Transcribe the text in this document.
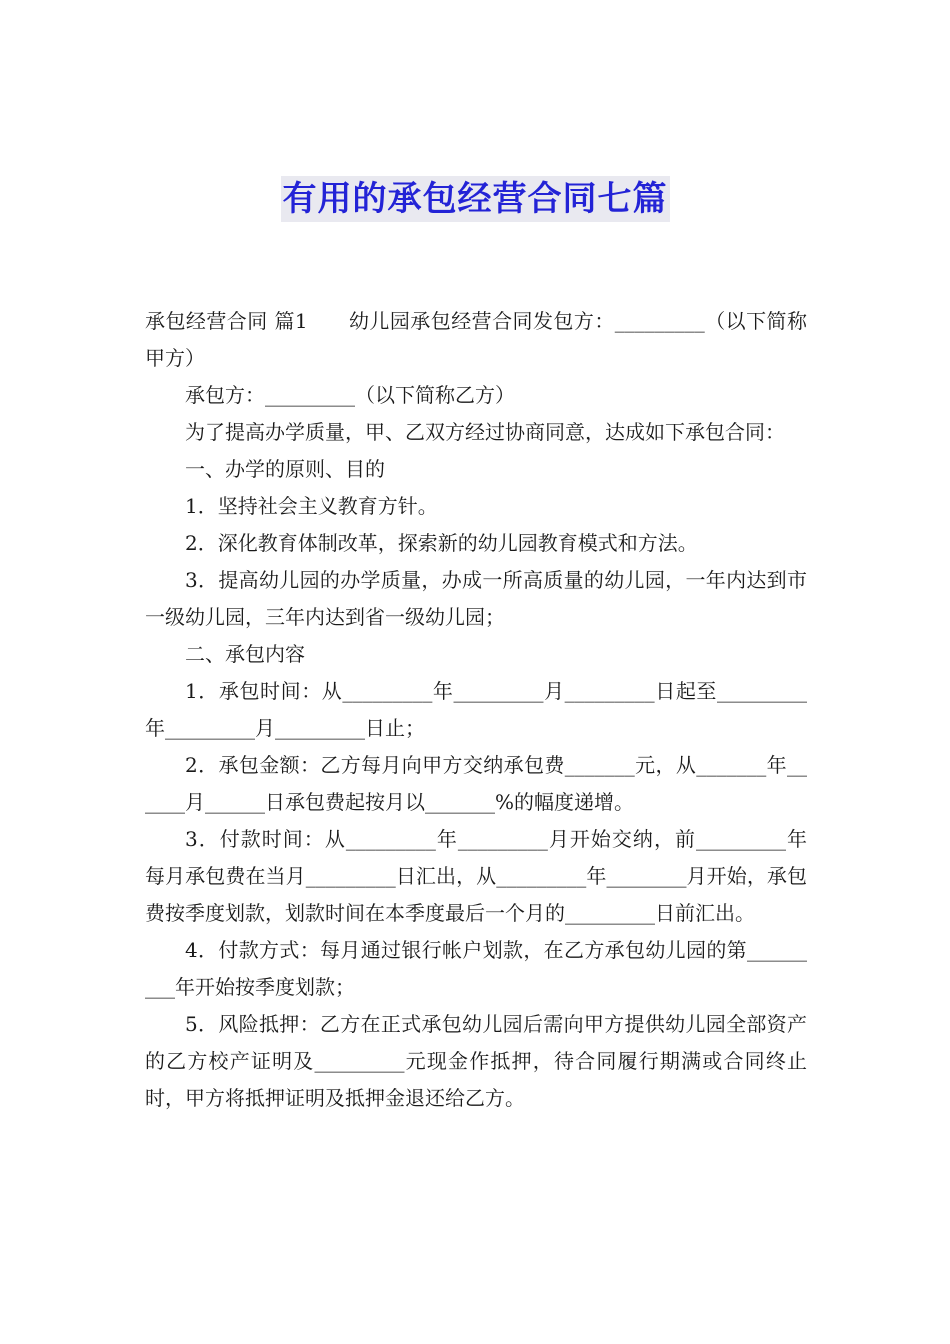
有用的承包经营合同七篇

承包经营合同 篇1　　幼儿园承包经营合同发包方：_________（以下简称甲方）

承包方：_________（以下简称乙方）

为了提高办学质量，甲、乙双方经过协商同意，达成如下承包合同：

一、办学的原则、目的

1．坚持社会主义教育方针。

2．深化教育体制改革，探索新的幼儿园教育模式和方法。

3．提高幼儿园的办学质量，办成一所高质量的幼儿园，一年内达到市一级幼儿园，三年内达到省一级幼儿园；

二、承包内容

1．承包时间：从_________年_________月_________日起至_________年_________月_________日止；

2．承包金额：乙方每月向甲方交纳承包费_______元，从_______年______月______日承包费起按月以_______%的幅度递增。

3．付款时间：从_________年_________月开始交纳，前_________年每月承包费在当月_________日汇出，从_________年________月开始，承包费按季度划款，划款时间在本季度最后一个月的_________日前汇出。

4．付款方式：每月通过银行帐户划款，在乙方承包幼儿园的第_________年开始按季度划款；

5．风险抵押：乙方在正式承包幼儿园后需向甲方提供幼儿园全部资产的乙方校产证明及_________元现金作抵押，待合同履行期满或合同终止时，甲方将抵押证明及抵押金退还给乙方。
